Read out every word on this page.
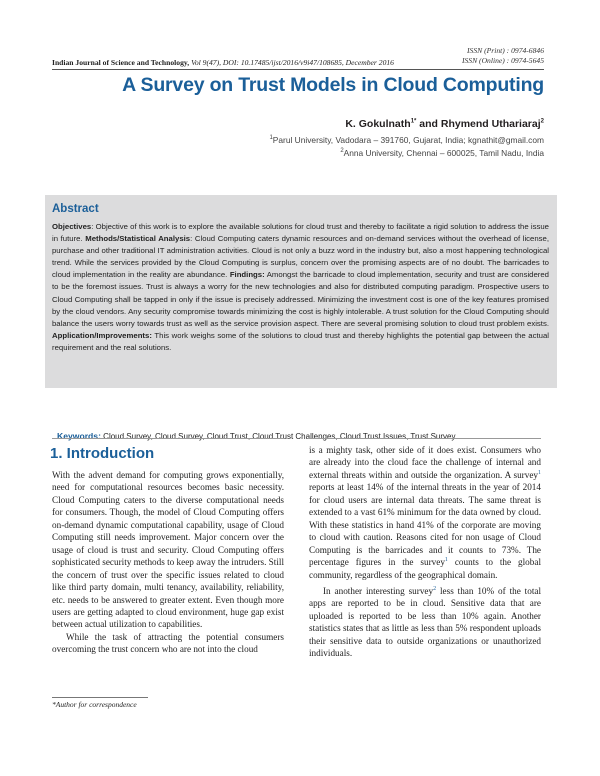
ISSN (Print) : 0974-6846
ISSN (Online) : 0974-5645
Indian Journal of Science and Technology, Vol 9(47), DOI: 10.17485/ijst/2016/v9i47/108685, December 2016
A Survey on Trust Models in Cloud Computing
K. Gokulnath$^{1*}$ and Rhymend Uthariaraj$^2$
$^1$Parul University, Vadodara – 391760, Gujarat, India; kgnathit@gmail.com
$^2$Anna University, Chennai – 600025, Tamil Nadu, India
Abstract
Objectives: Objective of this work is to explore the available solutions for cloud trust and thereby to facilitate a rigid solution to address the issue in future. Methods/Statistical Analysis: Cloud Computing caters dynamic resources and on-demand services without the overhead of license, purchase and other traditional IT administration activities. Cloud is not only a buzz word in the industry but, also a most happening technological trend. While the services provided by the Cloud Computing is surplus, concern over the promising aspects are of no doubt. The barricades to cloud implementation in the reality are abundance. Findings: Amongst the barricade to cloud implementation, security and trust are considered to be the foremost issues. Trust is always a worry for the new technologies and also for distributed computing paradigm. Prospective users to Cloud Computing shall be tapped in only if the issue is precisely addressed. Minimizing the investment cost is one of the key features promised by the cloud vendors. Any security compromise towards minimizing the cost is highly intolerable. A trust solution for the Cloud Computing should balance the users worry towards trust as well as the service provision aspect. There are several promising solution to cloud trust problem exists. Application/Improvements: This work weighs some of the solutions to cloud trust and thereby highlights the potential gap between the actual requirement and the real solutions.
Keywords: Cloud Survey, Cloud Survey, Cloud Trust, Cloud Trust Challenges, Cloud Trust Issues, Trust Survey
1. Introduction

With the advent demand for computing grows exponentially, need for computational resources becomes basic necessity. Cloud Computing caters to the diverse computational needs for consumers. Though, the model of Cloud Computing offers on-demand dynamic computational capability, usage of Cloud Computing still needs improvement. Major concern over the usage of cloud is trust and security. Cloud Computing offers sophisticated security methods to keep away the intruders. Still the concern of trust over the specific issues related to cloud like third party domain, multi tenancy, availability, reliability, etc. needs to be answered to greater extent. Even though more users are getting adapted to cloud environment, huge gap exist between actual utilization to capabilities.

While the task of attracting the potential consumers overcoming the trust concern who are not into the cloud

is a mighty task, other side of it does exist. Consumers who are already into the cloud face the challenge of internal and external threats within and outside the organization. A survey$^1$ reports at least 14% of the internal threats in the year of 2014 for cloud users are internal data threats. The same threat is extended to a vast 61% minimum for the data owned by cloud. With these statistics in hand 41% of the corporate are moving to cloud with caution. Reasons cited for non usage of Cloud Computing is the barricades and it counts to 73%. The percentage figures in the survey$^1$ counts to the global community, regardless of the geographical domain.

In another interesting survey$^2$ less than 10% of the total apps are reported to be in cloud. Sensitive data that are uploaded is reported to be less than 10% again. Another statistics states that as little as less than 5% respondent uploads their sensitive data to outside organizations or unauthorized individuals.

*Author for correspondence
